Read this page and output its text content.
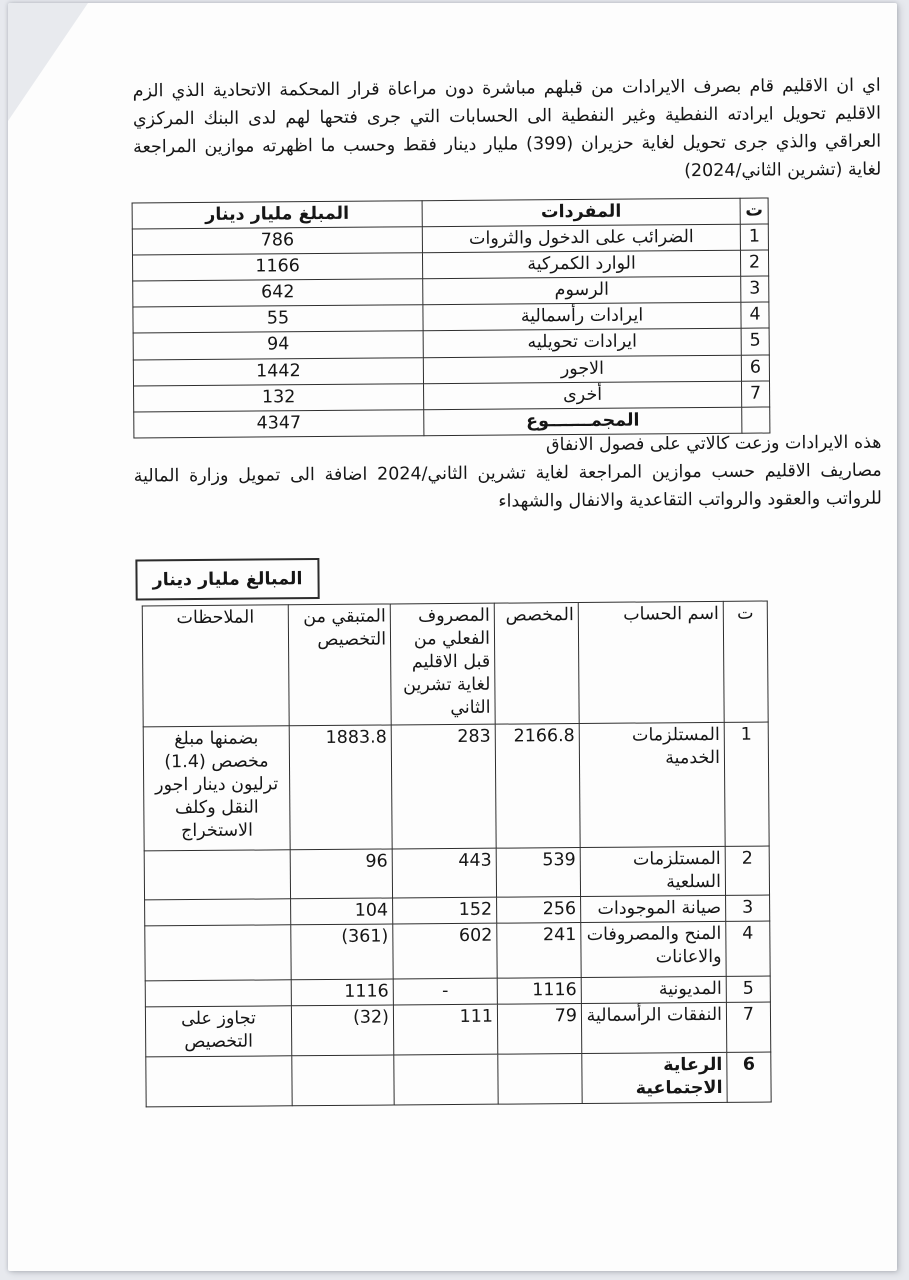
اي ان الاقليم قام بصرف الايرادات من قبلهم مباشرة دون مراعاة قرار المحكمة الاتحادية الذي الزم الاقليم تحويل ايرادته النفطية وغير النفطية الى الحسابات التي جرى فتحها لهم لدى البنك المركزي العراقي والذي جرى تحويل لغاية حزيران (399) مليار دينار فقط وحسب ما اظهرته موازين المراجعة لغاية (تشرين الثاني/2024)
ت	المفردات	المبلغ مليار دينار
1	الضرائب على الدخول والثروات	786
2	الوارد الكمركية	1166
3	الرسوم	642
4	ايرادات رأسمالية	55
5	ايرادات تحويليه	94
6	الاجور	1442
7	أخرى	132
	المجمـــــــوع	4347
هذه الايرادات وزعت كالاتي على فصول الانفاق
مصاريف الاقليم حسب موازين المراجعة لغاية تشرين الثاني/2024 اضافة الى تمويل وزارة المالية للرواتب والعقود والرواتب التقاعدية والانفال والشهداء
المبالغ مليار دينار
ت	اسم الحساب	المخصص	المصروف الفعلي من قبل الاقليم لغاية تشرين الثاني	المتبقي من التخصيص	الملاحظات
1	المستلزمات الخدمية	2166.8	283	1883.8	بضمنها مبلغ مخصص (1.4) ترليون دينار اجور النقل وكلف الاستخراج
2	المستلزمات السلعية	539	443	96	
3	صيانة الموجودات	256	152	104	
4	المنح والمصروفات والاعانات	241	602	(361)	
5	المديونية	1116	-	1116	
7	النفقات الرأسمالية	79	111	(32)	تجاوز على التخصيص
6	الرعاية الاجتماعية				
